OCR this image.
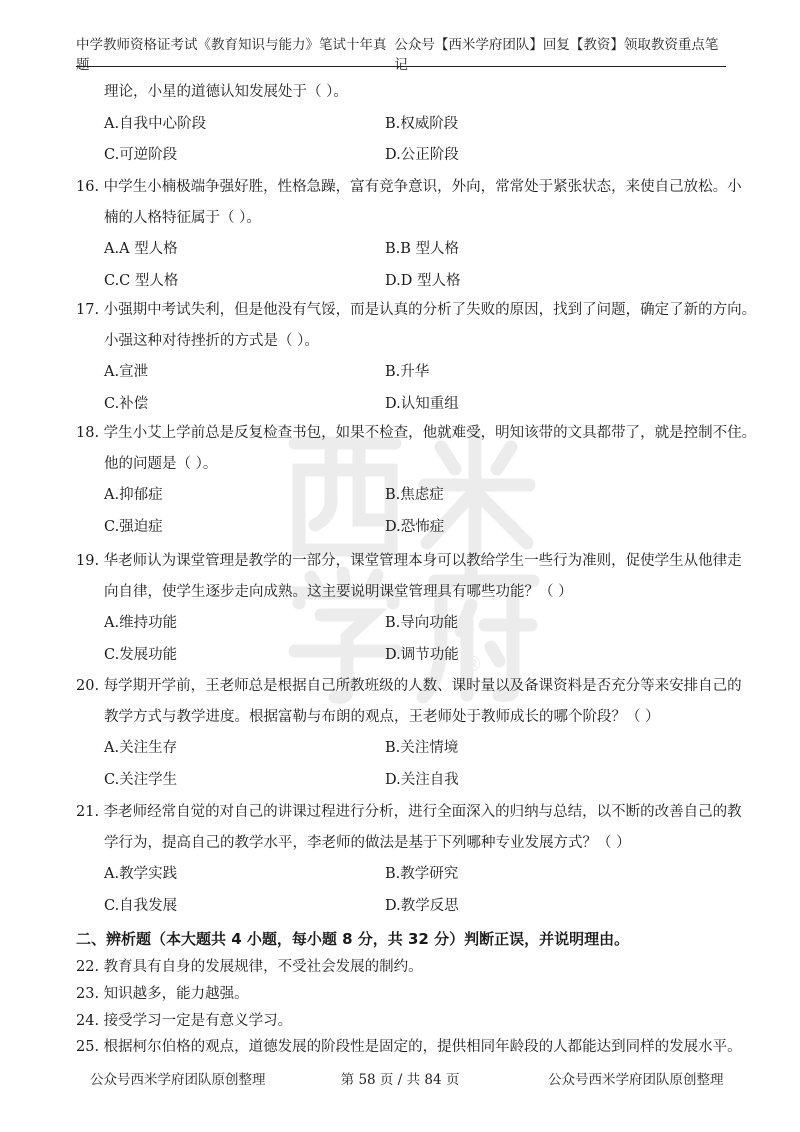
中学教师资格证考试《教育知识与能力》笔试十年真题
公众号【西米学府团队】回复【教资】领取教资重点笔记
®
理论，小星的道德认知发展处于（ ）。
A.自我中心阶段	B.权威阶段
C.可逆阶段	D.公正阶段
16. 中学生小楠极端争强好胜，性格急躁，富有竞争意识，外向，常常处于紧张状态，来使自己放松。小
楠的人格特征属于（ ）。
A.A 型人格	B.B 型人格
C.C 型人格	D.D 型人格
17. 小强期中考试失利，但是他没有气馁，而是认真的分析了失败的原因，找到了问题，确定了新的方向。
小强这种对待挫折的方式是（ ）。
A.宣泄	B.升华
C.补偿	D.认知重组
18. 学生小艾上学前总是反复检查书包，如果不检查，他就难受，明知该带的文具都带了，就是控制不住。
他的问题是（ ）。
A.抑郁症	B.焦虑症
C.强迫症	D.恐怖症
19. 华老师认为课堂管理是教学的一部分，课堂管理本身可以教给学生一些行为准则，促使学生从他律走
向自律，使学生逐步走向成熟。这主要说明课堂管理具有哪些功能？（ ）
A.维持功能	B.导向功能
C.发展功能	D.调节功能
20. 每学期开学前，王老师总是根据自己所教班级的人数、课时量以及备课资料是否充分等来安排自己的
教学方式与教学进度。根据富勒与布朗的观点，王老师处于教师成长的哪个阶段？（ ）
A.关注生存	B.关注情境
C.关注学生	D.关注自我
21. 李老师经常自觉的对自己的讲课过程进行分析，进行全面深入的归纳与总结，以不断的改善自己的教
学行为，提高自己的教学水平，李老师的做法是基于下列哪种专业发展方式？（ ）
A.教学实践	B.教学研究
C.自我发展	D.教学反思
二、辨析题（本大题共 4 小题，每小题 8 分，共 32 分）判断正误，并说明理由。
22. 教育具有自身的发展规律，不受社会发展的制约。
23. 知识越多，能力越强。
24. 接受学习一定是有意义学习。
25. 根据柯尔伯格的观点，道德发展的阶段性是固定的，提供相同年龄段的人都能达到同样的发展水平。
公众号西米学府团队原创整理	第 58 页 / 共 84 页	公众号西米学府团队原创整理
